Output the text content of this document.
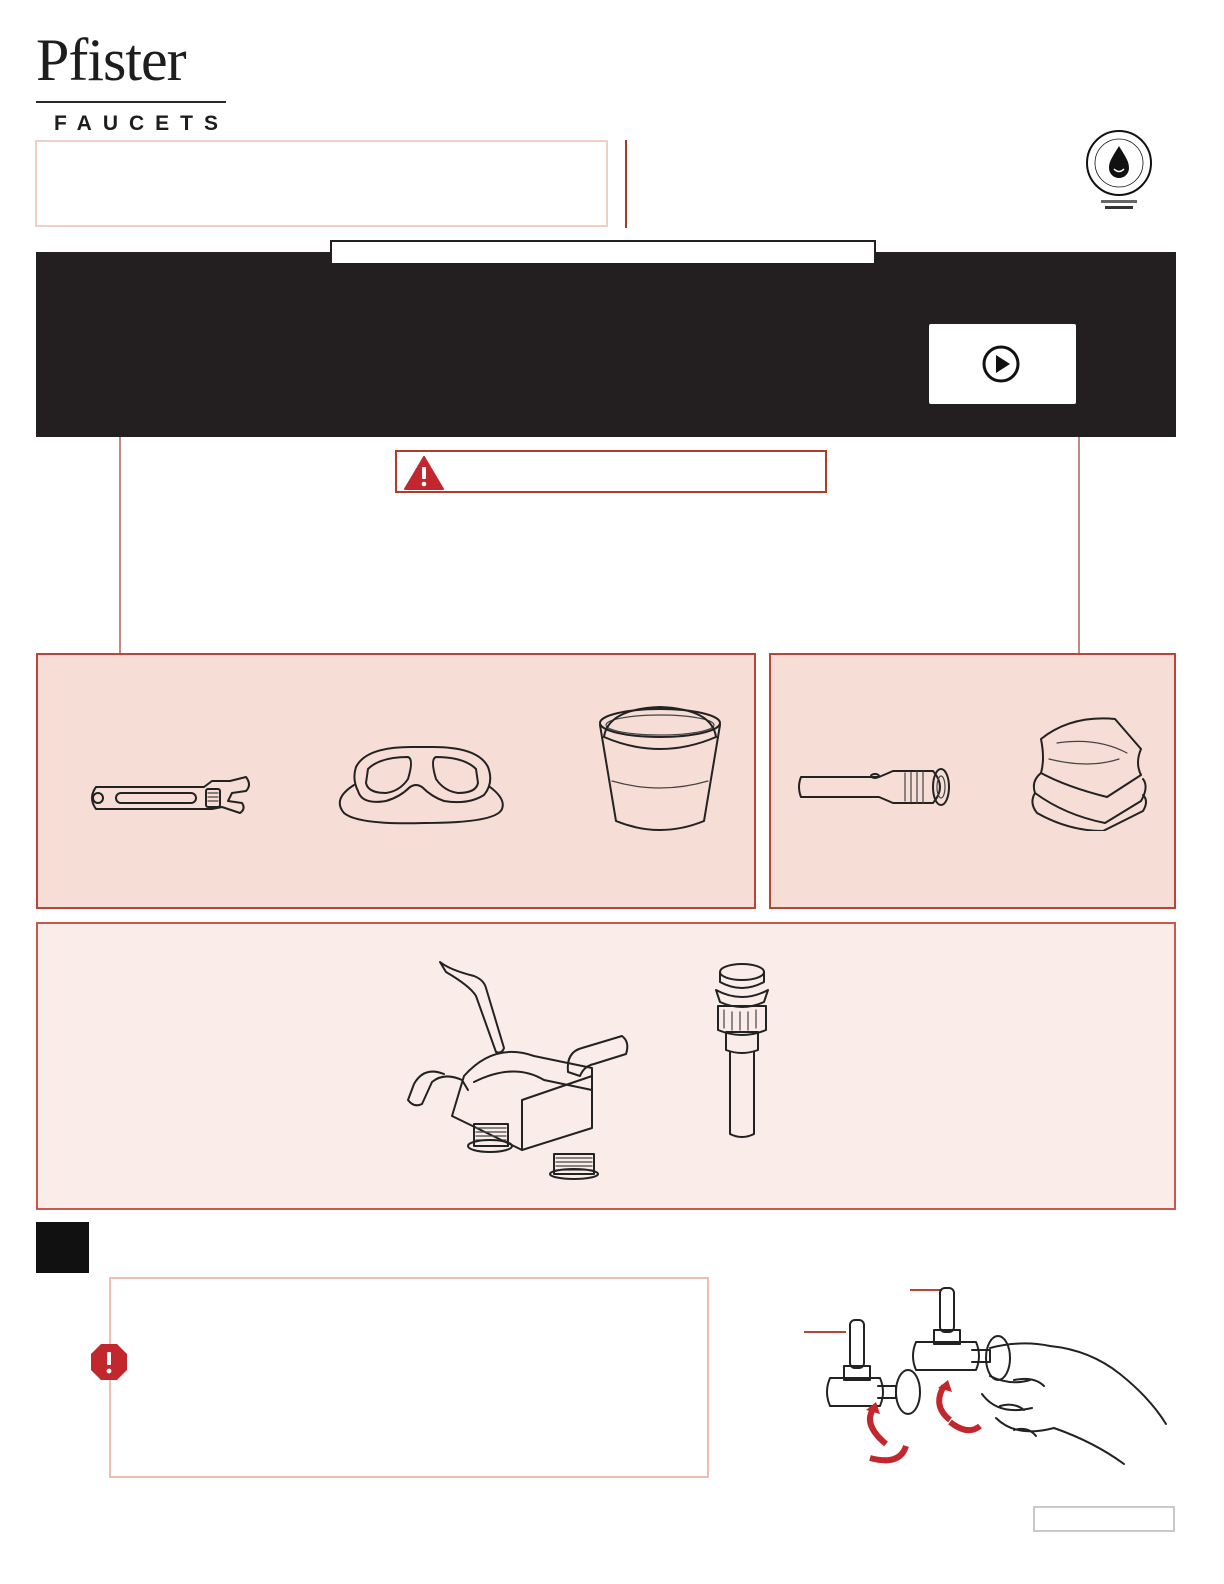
Pfister
FAUCETS
